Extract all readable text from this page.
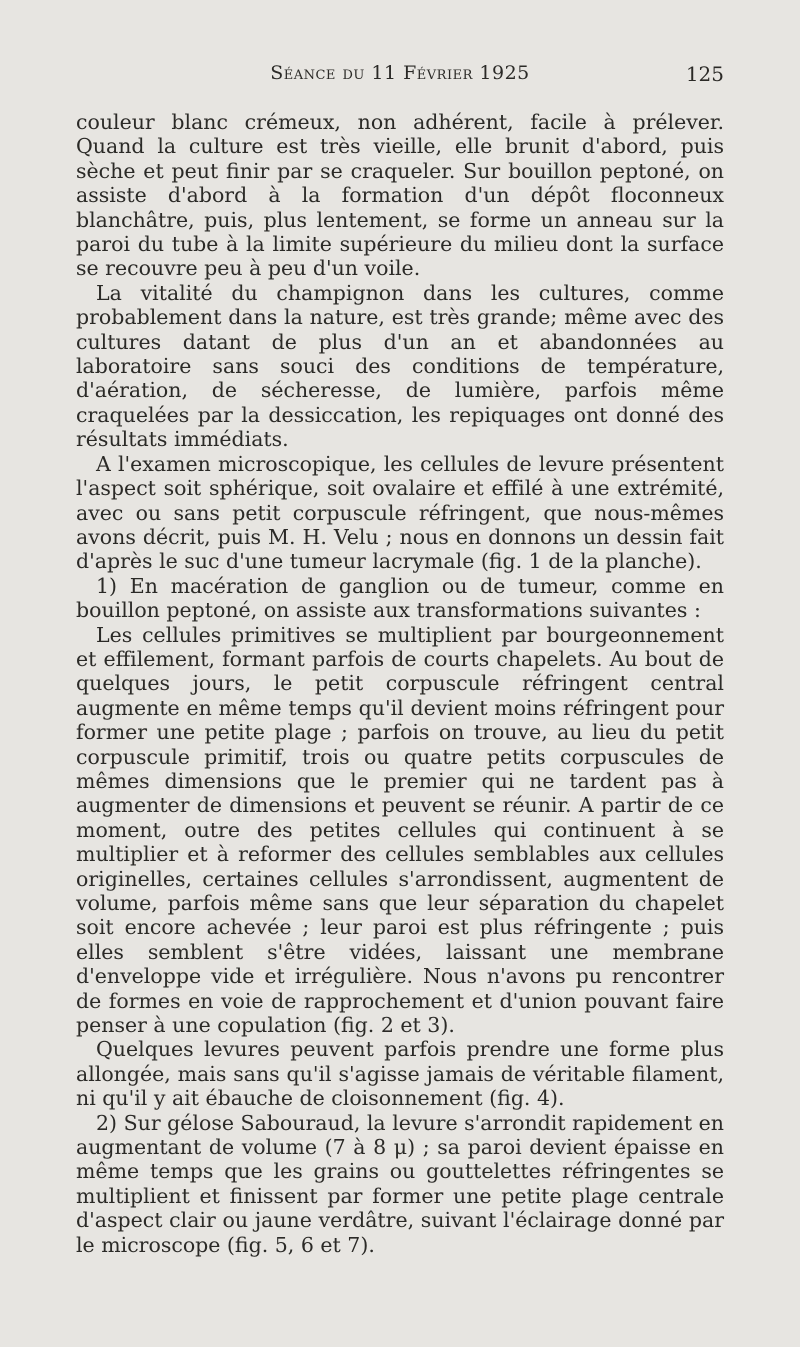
Séance du 11 Février 1925	125

couleur blanc crémeux, non adhérent, facile à prélever. Quand la culture est très vieille, elle brunit d'abord, puis sèche et peut finir par se craqueler. Sur bouillon peptoné, on assiste d'abord à la formation d'un dépôt floconneux blanchâtre, puis, plus lentement, se forme un anneau sur la paroi du tube à la limite supérieure du milieu dont la surface se recouvre peu à peu d'un voile.

La vitalité du champignon dans les cultures, comme probablement dans la nature, est très grande; même avec des cultures datant de plus d'un an et abandonnées au laboratoire sans souci des conditions de température, d'aération, de sécheresse, de lumière, parfois même craquelées par la dessiccation, les repiquages ont donné des résultats immédiats.

A l'examen microscopique, les cellules de levure présentent l'aspect soit sphérique, soit ovalaire et effilé à une extrémité, avec ou sans petit corpuscule réfringent, que nous-mêmes avons décrit, puis M. H. Velu ; nous en donnons un dessin fait d'après le suc d'une tumeur lacrymale (fig. 1 de la planche).

1) En macération de ganglion ou de tumeur, comme en bouillon peptoné, on assiste aux transformations suivantes :

Les cellules primitives se multiplient par bourgeonnement et effilement, formant parfois de courts chapelets. Au bout de quelques jours, le petit corpuscule réfringent central augmente en même temps qu'il devient moins réfringent pour former une petite plage ; parfois on trouve, au lieu du petit corpuscule primitif, trois ou quatre petits corpuscules de mêmes dimensions que le premier qui ne tardent pas à augmenter de dimensions et peuvent se réunir. A partir de ce moment, outre des petites cellules qui continuent à se multiplier et à reformer des cellules semblables aux cellules originelles, certaines cellules s'arrondissent, augmentent de volume, parfois même sans que leur séparation du chapelet soit encore achevée ; leur paroi est plus réfringente ; puis elles semblent s'être vidées, laissant une membrane d'enveloppe vide et irrégulière. Nous n'avons pu rencontrer de formes en voie de rapprochement et d'union pouvant faire penser à une copulation (fig. 2 et 3).

Quelques levures peuvent parfois prendre une forme plus allongée, mais sans qu'il s'agisse jamais de véritable filament, ni qu'il y ait ébauche de cloisonnement (fig. 4).

2) Sur gélose Sabouraud, la levure s'arrondit rapidement en augmentant de volume (7 à 8 μ) ; sa paroi devient épaisse en même temps que les grains ou gouttelettes réfringentes se multiplient et finissent par former une petite plage centrale d'aspect clair ou jaune verdâtre, suivant l'éclairage donné par le microscope (fig. 5, 6 et 7).
